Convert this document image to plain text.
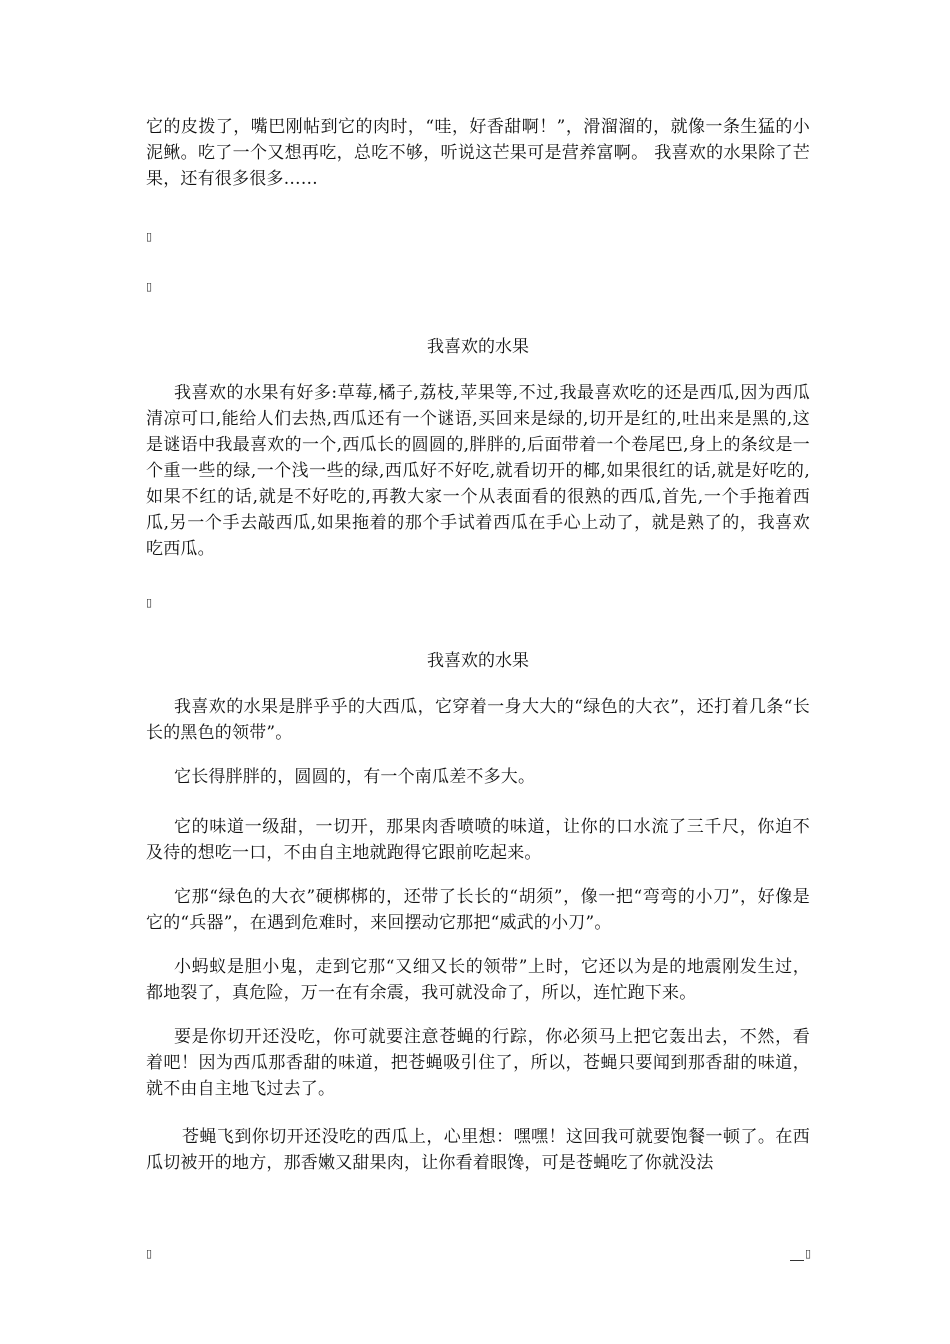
它的皮拨了，嘴巴刚帖到它的肉时，“哇，好香甜啊！”，滑溜溜的，就像一条生猛的小泥鳅。吃了一个又想再吃，总吃不够，听说这芒果可是营养富啊。 我喜欢的水果除了芒果，还有很多很多……

▯
▯
我喜欢的水果

我喜欢的水果有好多:草莓,橘子,荔枝,苹果等,不过,我最喜欢吃的还是西瓜,因为西瓜清凉可口,能给人们去热,西瓜还有一个谜语,买回来是绿的,切开是红的,吐出来是黑的,这是谜语中我最喜欢的一个,西瓜长的圆圆的,胖胖的,后面带着一个卷尾巴,身上的条纹是一个重一些的绿,一个浅一些的绿,西瓜好不好吃,就看切开的椰,如果很红的话,就是好吃的,如果不红的话,就是不好吃的,再教大家一个从表面看的很熟的西瓜,首先,一个手拖着西瓜,另一个手去敲西瓜,如果拖着的那个手试着西瓜在手心上动了，就是熟了的，我喜欢吃西瓜。

▯
我喜欢的水果

我喜欢的水果是胖乎乎的大西瓜，它穿着一身大大的“绿色的大衣”，还打着几条“长长的黑色的领带”。

它长得胖胖的，圆圆的，有一个南瓜差不多大。

它的味道一级甜，一切开，那果肉香喷喷的味道，让你的口水流了三千尺，你迫不及待的想吃一口，不由自主地就跑得它跟前吃起来。

它那“绿色的大衣”硬梆梆的，还带了长长的“胡须”，像一把“弯弯的小刀”，好像是它的“兵器”，在遇到危难时，来回摆动它那把“威武的小刀”。

小蚂蚁是胆小鬼，走到它那“又细又长的领带”上时，它还以为是的地震刚发生过，都地裂了，真危险，万一在有余震，我可就没命了，所以，连忙跑下来。

要是你切开还没吃，你可就要注意苍蝇的行踪，你必须马上把它轰出去，不然，看着吧！因为西瓜那香甜的味道，把苍蝇吸引住了，所以，苍蝇只要闻到那香甜的味道，就不由自主地飞过去了。

苍蝇飞到你切开还没吃的西瓜上，心里想：嘿嘿！这回我可就要饱餐一顿了。在西瓜切被开的地方，那香嫩又甜果肉，让你看着眼馋，可是苍蝇吃了你就没法

▯	▯
